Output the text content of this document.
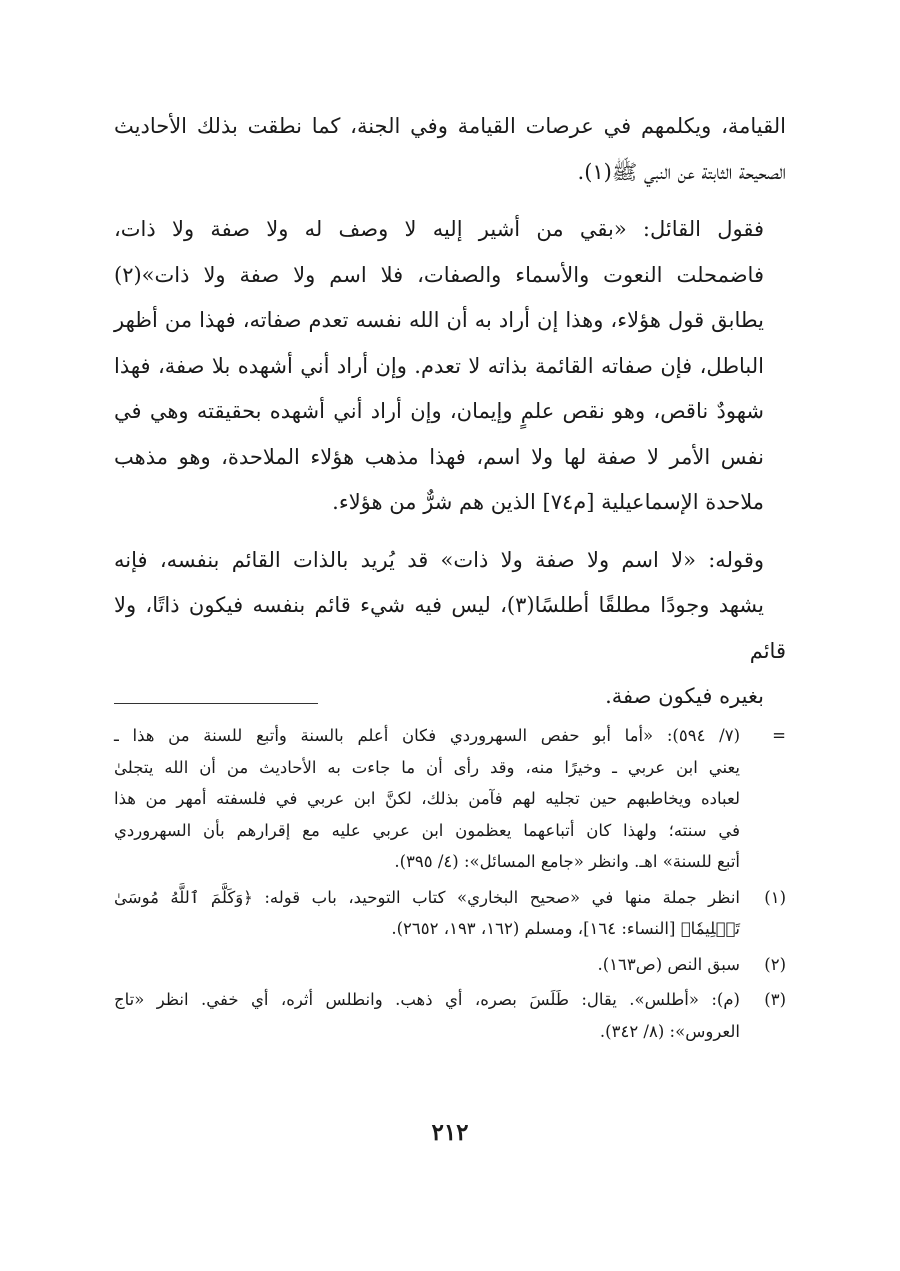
القيامة، ويكلمهم في عرصات القيامة وفي الجنة، كما نطقت بذلك الأحاديث
الصحيحة الثابتة عن النبي ﷺ(١).

فقول القائل: «بقي من أشير إليه لا وصف له ولا صفة ولا ذات،
فاضمحلت النعوت والأسماء والصفات، فلا اسم ولا صفة ولا ذات»(٢)
يطابق قول هؤلاء، وهذا إن أراد به أن الله نفسه تعدم صفاته، فهذا من أظهر
الباطل، فإن صفاته القائمة بذاته لا تعدم. وإن أراد أني أشهده بلا صفة، فهذا
شهودٌ ناقص، وهو نقص علمٍ وإيمان، وإن أراد أني أشهده بحقيقته وهي في
نفس الأمر لا صفة لها ولا اسم، فهذا مذهب هؤلاء الملاحدة، وهو مذهب
ملاحدة الإسماعيلية [م٧٤] الذين هم شرٌّ من هؤلاء.

وقوله: «لا اسم ولا صفة ولا ذات» قد يُريد بالذات القائم بنفسه، فإنه
يشهد وجودًا مطلقًا أطلسًا(٣)، ليس فيه شيء قائم بنفسه فيكون ذاتًا، ولا قائم
بغيره فيكون صفة.

=
(٧/ ٥٩٤): «أما أبو حفص السهروردي فكان أعلم بالسنة وأتبع للسنة من هذا ـ
يعني ابن عربي ـ وخيرًا منه، وقد رأى أن ما جاءت به الأحاديث من أن الله يتجلىٰ
لعباده ويخاطبهم حين تجليه لهم فآمن بذلك، لكنَّ ابن عربي في فلسفته أمهر من هذا
في سنته؛ ولهذا كان أتباعهما يعظمون ابن عربي عليه مع إقرارهم بأن السهروردي
أتبع للسنة» اهـ. وانظر «جامع المسائل»: (٤/ ٣٩٥).
(١)
انظر جملة منها في «صحيح البخاري» كتاب التوحيد، باب قوله: ﴿وَكَلَّمَ ٱللَّهُ مُوسَىٰ
تَكۡلِيمٗا﴾ [النساء: ١٦٤]، ومسلم (١٦٢، ١٩٣، ٢٦٥٢).
(٢)
سبق النص (ص١٦٣).
(٣)
(م): «أطلس». يقال: طَلَسَ بصره، أي ذهب. وانطلس أثره، أي خفي. انظر «تاج
العروس»: (٨/ ٣٤٢).
٢١٢
